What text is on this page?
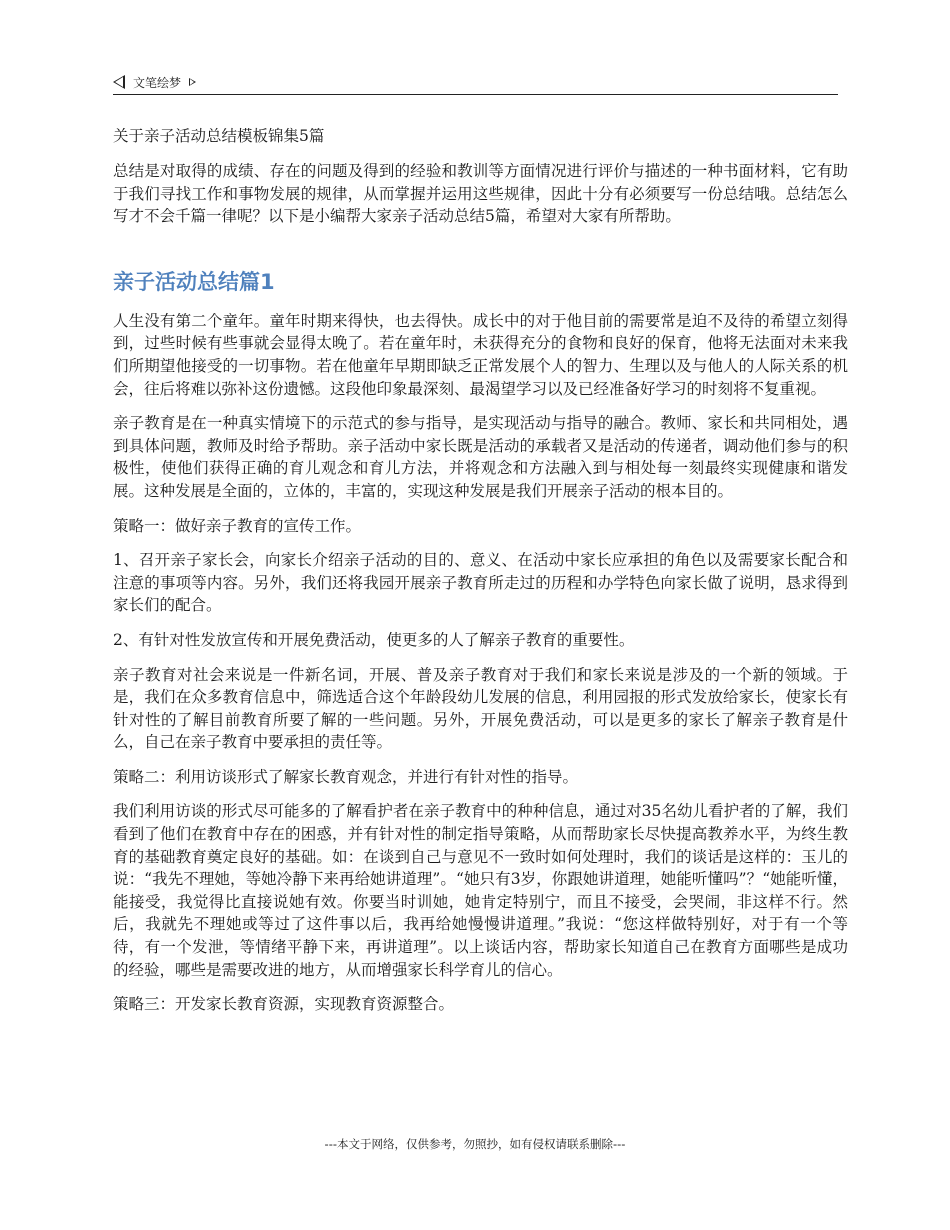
文笔绘梦
关于亲子活动总结模板锦集5篇

总结是对取得的成绩、存在的问题及得到的经验和教训等方面情况进行评价与描述的一种书面材料，它有助于我们寻找工作和事物发展的规律，从而掌握并运用这些规律，因此十分有必须要写一份总结哦。总结怎么写才不会千篇一律呢？以下是小编帮大家亲子活动总结5篇，希望对大家有所帮助。

亲子活动总结篇1

人生没有第二个童年。童年时期来得快，也去得快。成长中的对于他目前的需要常是迫不及待的希望立刻得到，过些时候有些事就会显得太晚了。若在童年时，未获得充分的食物和良好的保育，他将无法面对未来我们所期望他接受的一切事物。若在他童年早期即缺乏正常发展个人的智力、生理以及与他人的人际关系的机会，往后将难以弥补这份遗憾。这段他印象最深刻、最渴望学习以及已经准备好学习的时刻将不复重视。

亲子教育是在一种真实情境下的示范式的参与指导，是实现活动与指导的融合。教师、家长和共同相处，遇到具体问题，教师及时给予帮助。亲子活动中家长既是活动的承载者又是活动的传递者，调动他们参与的积极性，使他们获得正确的育儿观念和育儿方法，并将观念和方法融入到与相处每一刻最终实现健康和谐发展。这种发展是全面的，立体的，丰富的，实现这种发展是我们开展亲子活动的根本目的。

策略一：做好亲子教育的宣传工作。

1、召开亲子家长会，向家长介绍亲子活动的目的、意义、在活动中家长应承担的角色以及需要家长配合和注意的事项等内容。另外，我们还将我园开展亲子教育所走过的历程和办学特色向家长做了说明，恳求得到家长们的配合。

2、有针对性发放宣传和开展免费活动，使更多的人了解亲子教育的重要性。

亲子教育对社会来说是一件新名词，开展、普及亲子教育对于我们和家长来说是涉及的一个新的领域。于是，我们在众多教育信息中，筛选适合这个年龄段幼儿发展的信息，利用园报的形式发放给家长，使家长有针对性的了解目前教育所要了解的一些问题。另外，开展免费活动，可以是更多的家长了解亲子教育是什么，自己在亲子教育中要承担的责任等。

策略二：利用访谈形式了解家长教育观念，并进行有针对性的指导。

我们利用访谈的形式尽可能多的了解看护者在亲子教育中的种种信息，通过对35名幼儿看护者的了解，我们看到了他们在教育中存在的困惑，并有针对性的制定指导策略，从而帮助家长尽快提高教养水平，为终生教育的基础教育奠定良好的基础。如：在谈到自己与意见不一致时如何处理时，我们的谈话是这样的：玉儿的说：“我先不理她，等她冷静下来再给她讲道理”。“她只有3岁，你跟她讲道理，她能听懂吗”？“她能听懂，能接受，我觉得比直接说她有效。你要当时训她，她肯定特别宁，而且不接受，会哭闹，非这样不行。然后，我就先不理她或等过了这件事以后，我再给她慢慢讲道理。”我说：“您这样做特别好，对于有一个等待，有一个发泄，等情绪平静下来，再讲道理”。以上谈话内容，帮助家长知道自己在教育方面哪些是成功的经验，哪些是需要改进的地方，从而增强家长科学育儿的信心。

策略三：开发家长教育资源，实现教育资源整合。

---本文于网络，仅供参考，勿照抄，如有侵权请联系删除---
